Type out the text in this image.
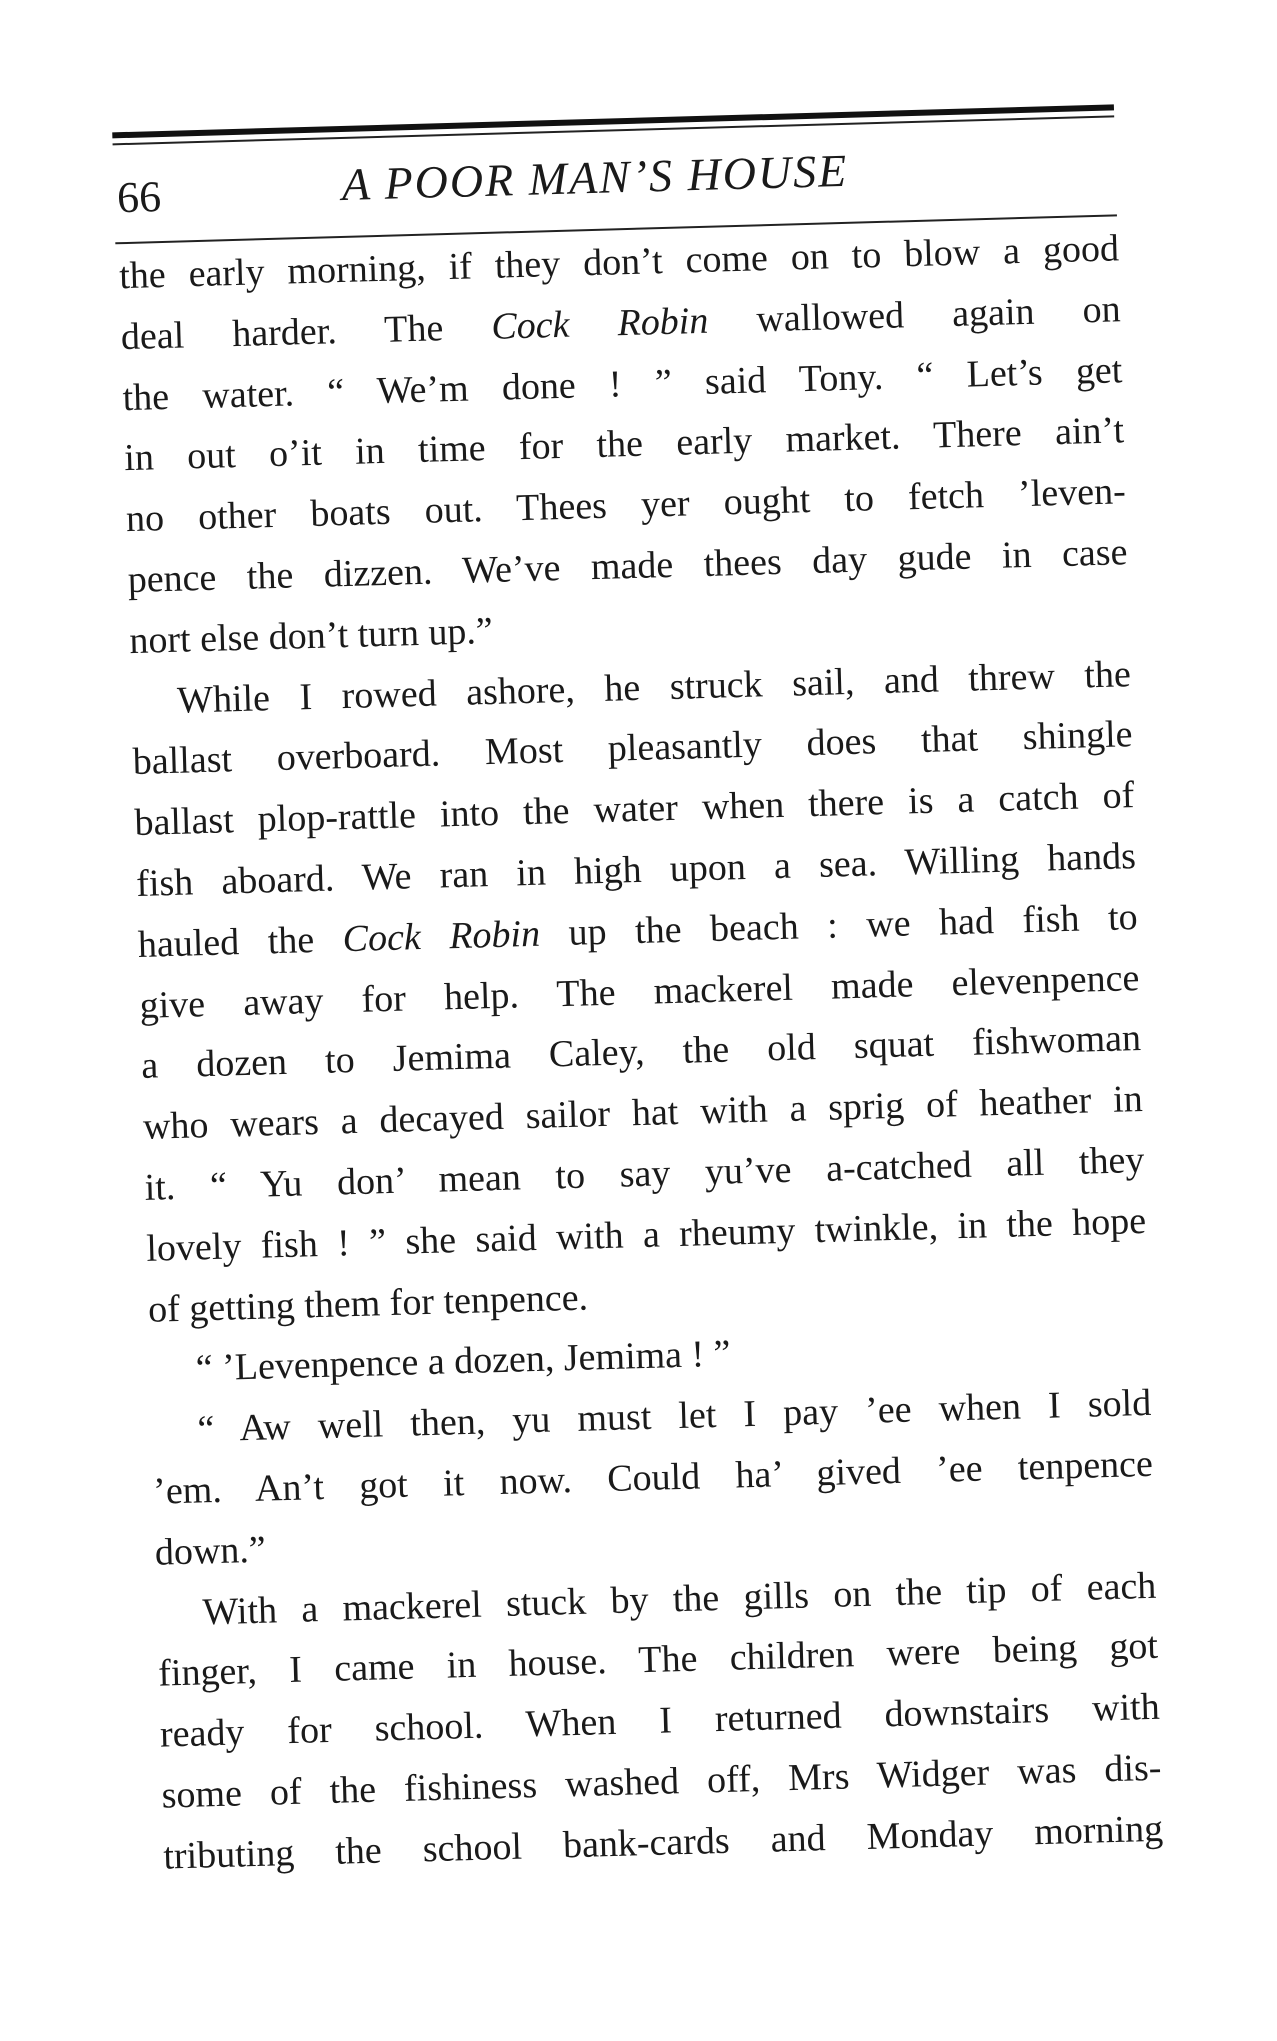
66	A POOR MAN’S HOUSE
the early morning, if they don’t come on to blow a good
deal harder. The Cock Robin wallowed again on
the water. “ We’m done ! ” said Tony. “ Let’s get
in out o’it in time for the early market. There ain’t
no other boats out. Thees yer ought to fetch ’leven-
pence the dizzen. We’ve made thees day gude in case
nort else don’t turn up.”
While I rowed ashore, he struck sail, and threw the
ballast overboard. Most pleasantly does that shingle
ballast plop-rattle into the water when there is a catch of
fish aboard. We ran in high upon a sea. Willing hands
hauled the Cock Robin up the beach : we had fish to
give away for help. The mackerel made elevenpence
a dozen to Jemima Caley, the old squat fishwoman
who wears a decayed sailor hat with a sprig of heather in
it. “ Yu don’ mean to say yu’ve a-catched all they
lovely fish ! ” she said with a rheumy twinkle, in the hope
of getting them for tenpence.
“ ’Levenpence a dozen, Jemima ! ”
“ Aw well then, yu must let I pay ’ee when I sold
’em. An’t got it now. Could ha’ gived ’ee tenpence
down.”
With a mackerel stuck by the gills on the tip of each
finger, I came in house. The children were being got
ready for school. When I returned downstairs with
some of the fishiness washed off, Mrs Widger was dis-
tributing the school bank-cards and Monday morning
